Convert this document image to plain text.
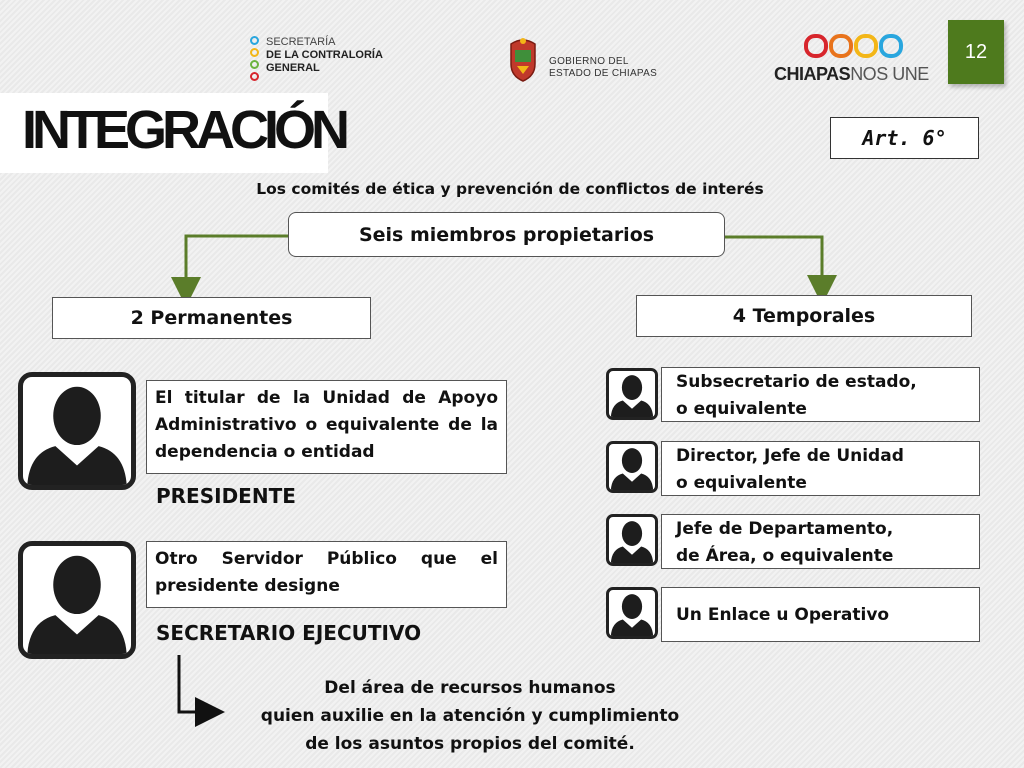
SECRETARÍA
DE LA CONTRALORÍA
GENERAL
GOBIERNO DEL
ESTADO DE CHIAPAS	CHIAPASNOS UNE
12
INTEGRACIÓN	Art. 6°
Los comités de ética y prevención de conflictos de interés
Seis miembros propietarios
2 Permanentes	4 Temporales
El titular de la Unidad de Apoyo Administrativo o equivalente de la dependencia o entidad
PRESIDENTE
Otro Servidor Público que el presidente designe
SECRETARIO EJECUTIVO
Subsecretario de estado,
o equivalente
Director, Jefe de Unidad
o equivalente
Jefe de Departamento,
de Área, o equivalente
Un Enlace u Operativo
Del área de recursos humanos
quien auxilie en la atención y cumplimiento
de los asuntos propios del comité.
